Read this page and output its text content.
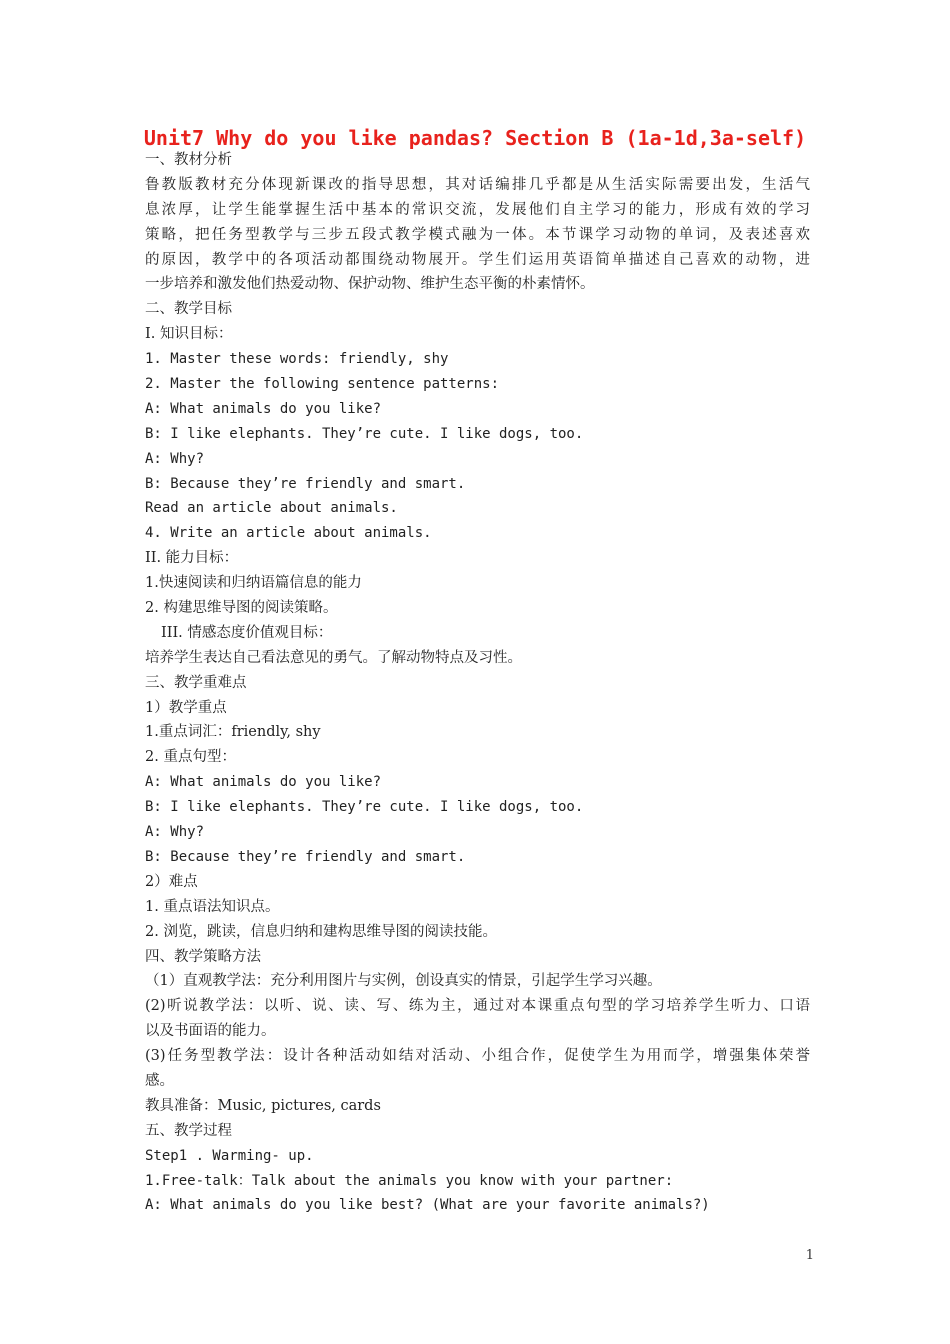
Unit7 Why do you like pandas? Section B (1a-1d,3a-self)
一、教材分析
鲁教版教材充分体现新课改的指导思想，其对话编排几乎都是从生活实际需要出发，生活气
息浓厚，让学生能掌握生活中基本的常识交流，发展他们自主学习的能力，形成有效的学习
策略，把任务型教学与三步五段式教学模式融为一体。本节课学习动物的单词，及表述喜欢
的原因，教学中的各项活动都围绕动物展开。学生们运用英语简单描述自己喜欢的动物，进
一步培养和激发他们热爱动物、保护动物、维护生态平衡的朴素情怀。
二、教学目标
I. 知识目标：
1. Master these words: friendly, shy
2. Master the following sentence patterns:
A: What animals do you like?
B: I like elephants. They’re cute. I like dogs, too.
A: Why?
B: Because they’re friendly and smart.
Read an article about animals.
4. Write an article about animals.
II. 能力目标：
1.快速阅读和归纳语篇信息的能力
2. 构建思维导图的阅读策略。
III. 情感态度价值观目标：
培养学生表达自己看法意见的勇气。了解动物特点及习性。
三、教学重难点
1）教学重点
1.重点词汇：friendly, shy
2. 重点句型：
A: What animals do you like?
B: I like elephants. They’re cute. I like dogs, too.
A: Why?
B: Because they’re friendly and smart.
2）难点
1. 重点语法知识点。
2. 浏览，跳读，信息归纳和建构思维导图的阅读技能。
四、教学策略方法
（1）直观教学法：充分利用图片与实例，创设真实的情景，引起学生学习兴趣。
(2)听说教学法：以听、说、读、写、练为主，通过对本课重点句型的学习培养学生听力、口语
以及书面语的能力。
(3)任务型教学法：设计各种活动如结对活动、小组合作，促使学生为用而学，增强集体荣誉
感。
教具准备：Music, pictures, cards
五、教学过程
Step1 . Warming- up.
1.Free-talk：Talk about the animals you know with your partner:
A: What animals do you like best? (What are your favorite animals?)
1
